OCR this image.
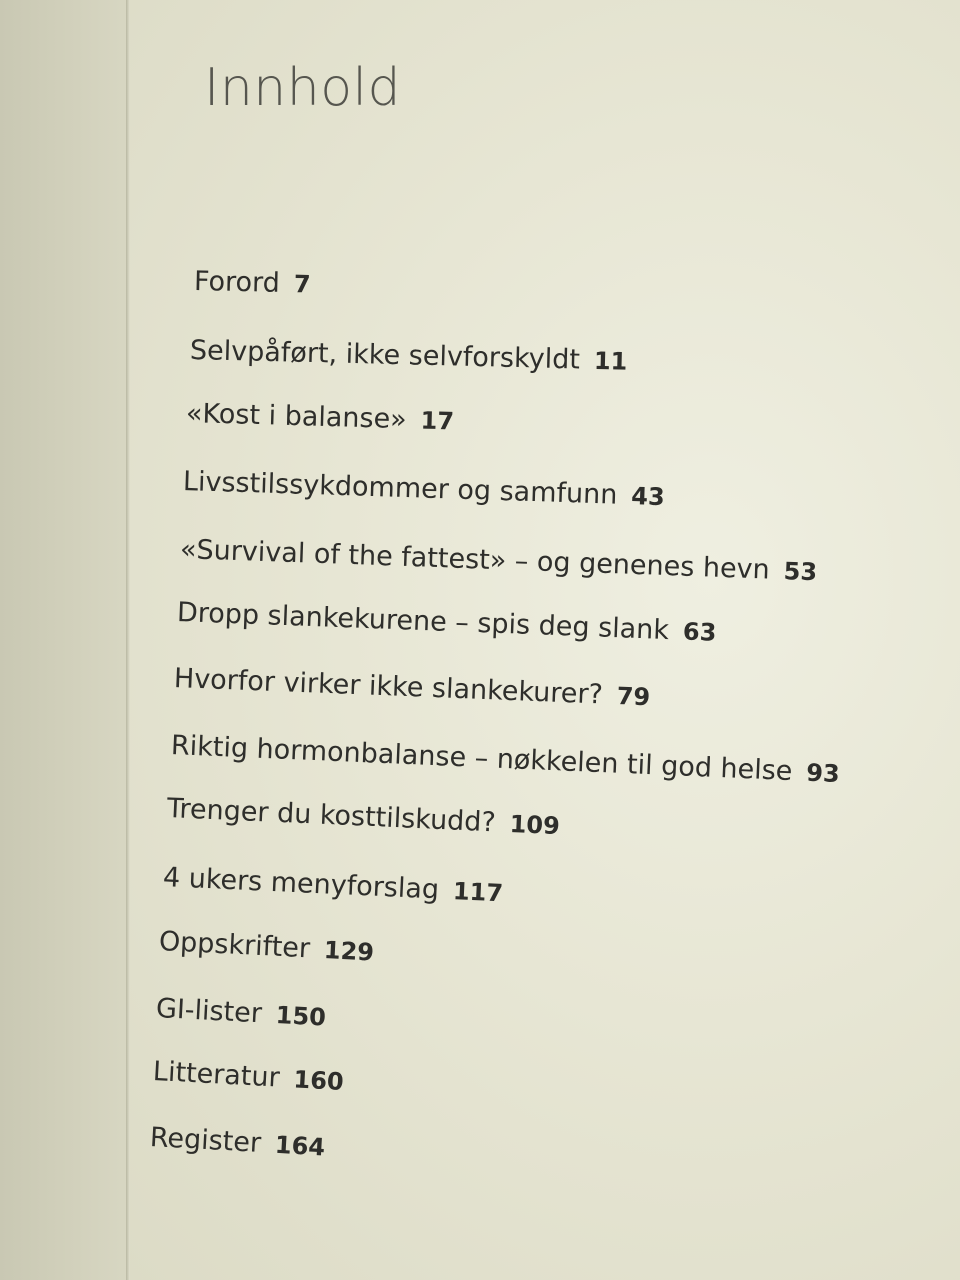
Innhold
Forord 7
Selvpåført, ikke selvforskyldt 11
«Kost i balanse» 17
Livsstilssykdommer og samfunn 43
«Survival of the fattest» – og genenes hevn 53
Dropp slankekurene – spis deg slank 63
Hvorfor virker ikke slankekurer? 79
Riktig hormonbalanse – nøkkelen til god helse 93
Trenger du kosttilskudd? 109
4 ukers menyforslag 117
Oppskrifter 129
GI-lister 150
Litteratur 160
Register 164
